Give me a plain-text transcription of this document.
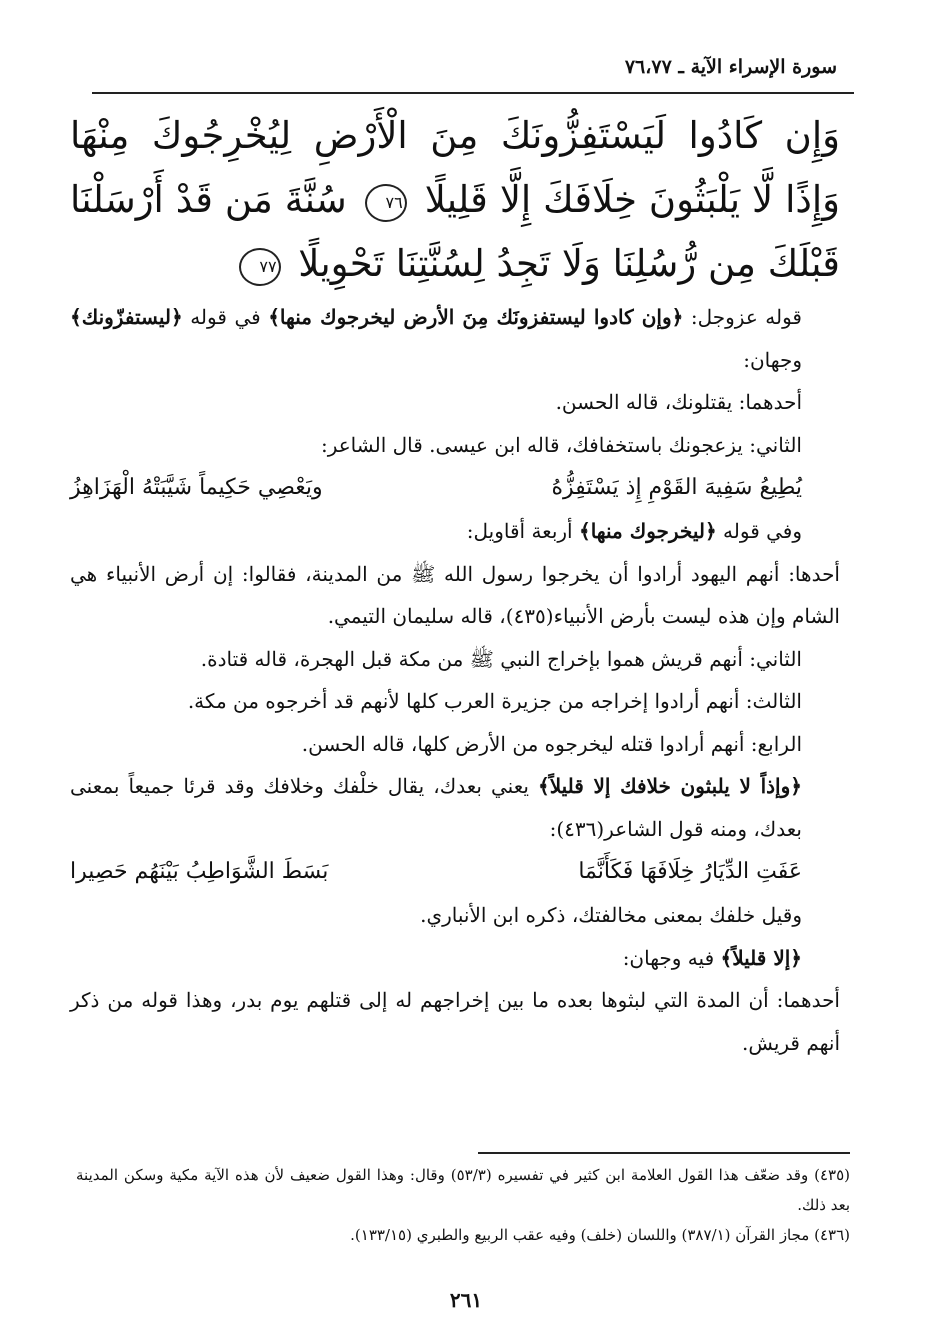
سورة الإسراء الآية ـ ٧٦،٧٧
وَإِن كَادُوا لَيَسْتَفِزُّونَكَ مِنَ الْأَرْضِ لِيُخْرِجُوكَ مِنْهَا وَإِذًا لَّا يَلْبَثُونَ خِلَافَكَ إِلَّا قَلِيلًا ٧٦ سُنَّةَ مَن قَدْ أَرْسَلْنَا قَبْلَكَ مِن رُّسُلِنَا وَلَا تَجِدُ لِسُنَّتِنَا تَحْوِيلًا ٧٧

قوله عزوجل: ﴿وإن كادوا ليستفزونَك مِنَ الأرض ليخرجوك منها﴾ في قوله ﴿ليستفزّونك﴾ وجهان:

أحدهما: يقتلونك، قاله الحسن.

الثاني: يزعجونك باستخفافك، قاله ابن عيسى. قال الشاعر:

يُطِيعُ سَفِيهَ القَوْمِ إِذ يَسْتَفِزُّهُ
ويَعْصِي حَكِيماً شَيَّبَتْهُ الْهَزَاهِزُ

وفي قوله ﴿ليخرجوك منها﴾ أربعة أقاويل:

أحدها: أنهم اليهود أرادوا أن يخرجوا رسول الله ﷺ من المدينة، فقالوا: إن أرض الأنبياء هي الشام وإن هذه ليست بأرض الأنبياء(٤٣٥)، قاله سليمان التيمي.

الثاني: أنهم قريش هموا بإخراج النبي ﷺ من مكة قبل الهجرة، قاله قتادة.

الثالث: أنهم أرادوا إخراجه من جزيرة العرب كلها لأنهم قد أخرجوه من مكة.

الرابع: أنهم أرادوا قتله ليخرجوه من الأرض كلها، قاله الحسن.

﴿وإذاً لا يلبثون خلافك إلا قليلاً﴾ يعني بعدك، يقال خلْفك وخلافك وقد قرئا جميعاً بمعنى بعدك، ومنه قول الشاعر(٤٣٦):

عَفَتِ الدِّيَارُ خِلَافَهَا فَكَأَنَّمَا
بَسَطَ الشَّوَاطِبُ بَيْنَهُم حَصِيرا

وقيل خلفك بمعنى مخالفتك، ذكره ابن الأنباري.

﴿إلا قليلاً﴾ فيه وجهان:

أحدهما: أن المدة التي لبثوها بعده ما بين إخراجهم له إلى قتلهم يوم بدر، وهذا قوله من ذكر أنهم قريش.

(٤٣٥) وقد ضعّف هذا القول العلامة ابن كثير في تفسيره (٥٣/٣) وقال: وهذا القول ضعيف لأن هذه الآية مكية وسكن المدينة بعد ذلك.

(٤٣٦) مجاز القرآن (٣٨٧/١) واللسان (خلف) وفيه عقب الربيع والطبري (١٣٣/١٥).

٢٦١
